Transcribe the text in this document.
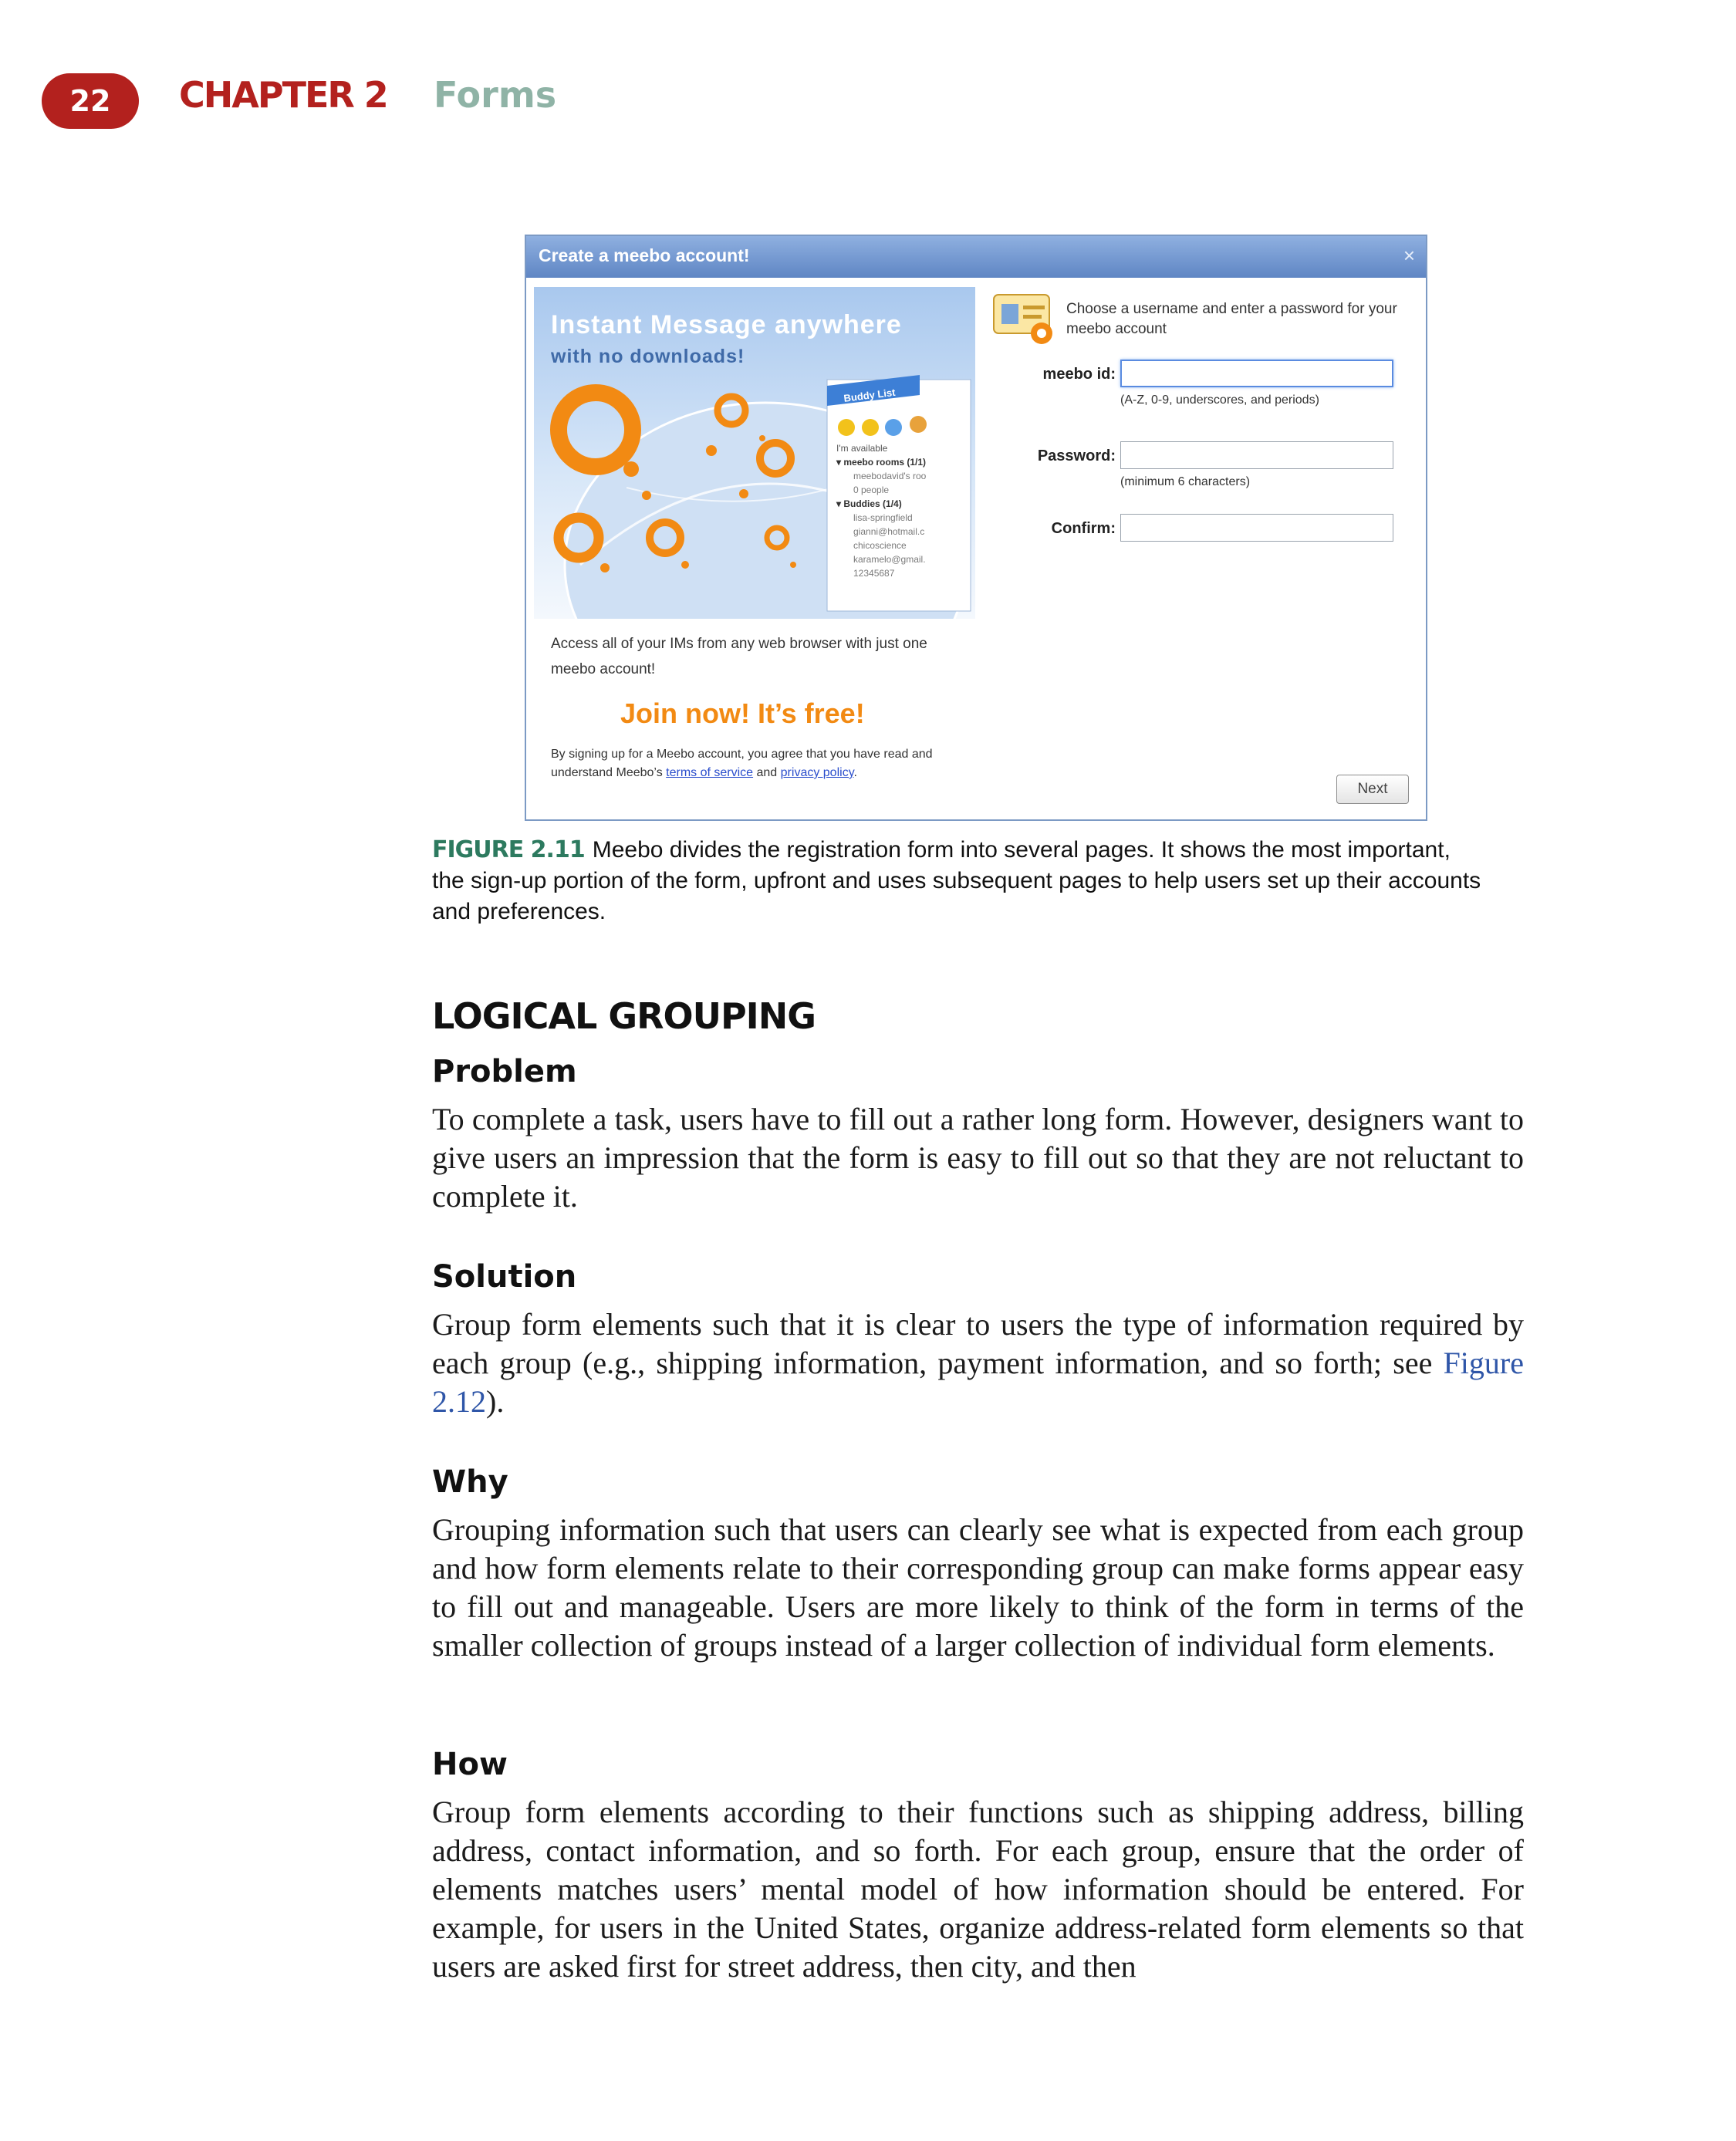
22 CHAPTER 2 Forms
Create a meebo account!	×
Instant Message anywhere
with no downloads!
Buddy List
I'm available
▾ meebo rooms (1/1)
meebodavid's roo
0 people
▾ Buddies (1/4)
lisa-springfield
gianni@hotmail.c
chicoscience
karamelo@gmail.
12345687
Access all of your IMs from any web browser with just one meebo account!
Join now! It’s free!
By signing up for a Meebo account, you agree that you have read and understand Meebo’s terms of service and privacy policy.
Choose a username and enter a password for your meebo account
meebo id:
(A-Z, 0-9, underscores, and periods)
Password:
(minimum 6 characters)
Confirm:
Next
FIGURE 2.11 Meebo divides the registration form into several pages. It shows the most important, the sign-up portion of the form, upfront and uses subsequent pages to help users set up their accounts and preferences.
LOGICAL GROUPING
Problem
To complete a task, users have to fill out a rather long form. However, designers want to give users an impression that the form is easy to fill out so that they are not reluctant to complete it.
Solution
Group form elements such that it is clear to users the type of information required by each group (e.g., shipping information, payment information, and so forth; see Figure 2.12).
Why
Grouping information such that users can clearly see what is expected from each group and how form elements relate to their corresponding group can make forms appear easy to fill out and manageable. Users are more likely to think of the form in terms of the smaller collection of groups instead of a larger collection of individual form elements.
How
Group form elements according to their functions such as shipping address, billing address, contact information, and so forth. For each group, ensure that the order of elements matches users’ mental model of how information should be entered. For example, for users in the United States, organize address-related form elements so that users are asked first for street address, then city, and then
